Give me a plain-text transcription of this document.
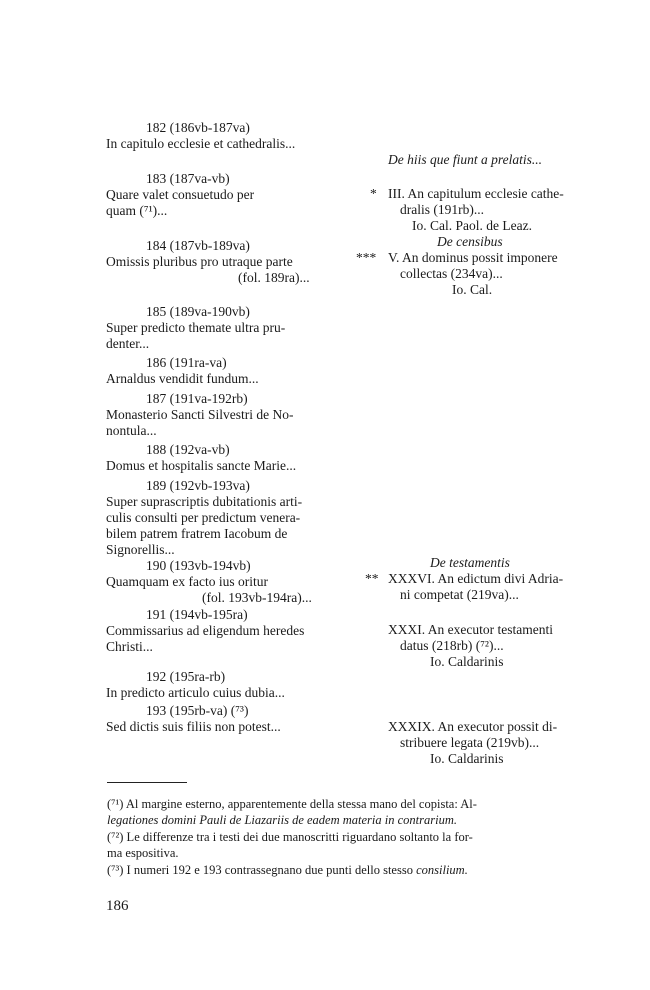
182 (186vb-187va)
In capitulo ecclesie et cathedralis...
183 (187va-vb)
Quare valet consuetudo per
quam (⁷¹)...
184 (187vb-189va)
Omissis pluribus pro utraque parte
(fol. 189ra)...
185 (189va-190vb)
Super predicto themate ultra pru-
denter...
186 (191ra-va)
Arnaldus vendidit fundum...
187 (191va-192rb)
Monasterio Sancti Silvestri de No-
nontula...
188 (192va-vb)
Domus et hospitalis sancte Marie...
189 (192vb-193va)
Super suprascriptis dubitationis arti-
culis consulti per predictum venera-
bilem patrem fratrem Iacobum de
Signorellis...
190 (193vb-194vb)
Quamquam ex facto ius oritur
(fol. 193vb-194ra)...
191 (194vb-195ra)
Commissarius ad eligendum heredes
Christi...
192 (195ra-rb)
In predicto articulo cuius dubia...
193 (195rb-va) (⁷³)
Sed dictis suis filiis non potest...
De hiis que fiunt a prelatis...
* III. An capitulum ecclesie cathe-
dralis (191rb)...
Io. Cal. Paol. de Leaz.
De censibus
*** V. An dominus possit imponere
collectas (234va)...
Io. Cal.
De testamentis
** XXXVI. An edictum divi Adria-
ni competat (219va)...
XXXI. An executor testamenti
datus (218rb) (⁷²)...
Io. Caldarinis
XXXIX. An executor possit di-
stribuere legata (219vb)...
Io. Caldarinis
(⁷¹) Al margine esterno, apparentemente della stessa mano del copista: Al-
legationes domini Pauli de Liazariis de eadem materia in contrarium.
(⁷²) Le differenze tra i testi dei due manoscritti riguardano soltanto la for-
ma espositiva.
(⁷³) I numeri 192 e 193 contrassegnano due punti dello stesso consilium.
186
